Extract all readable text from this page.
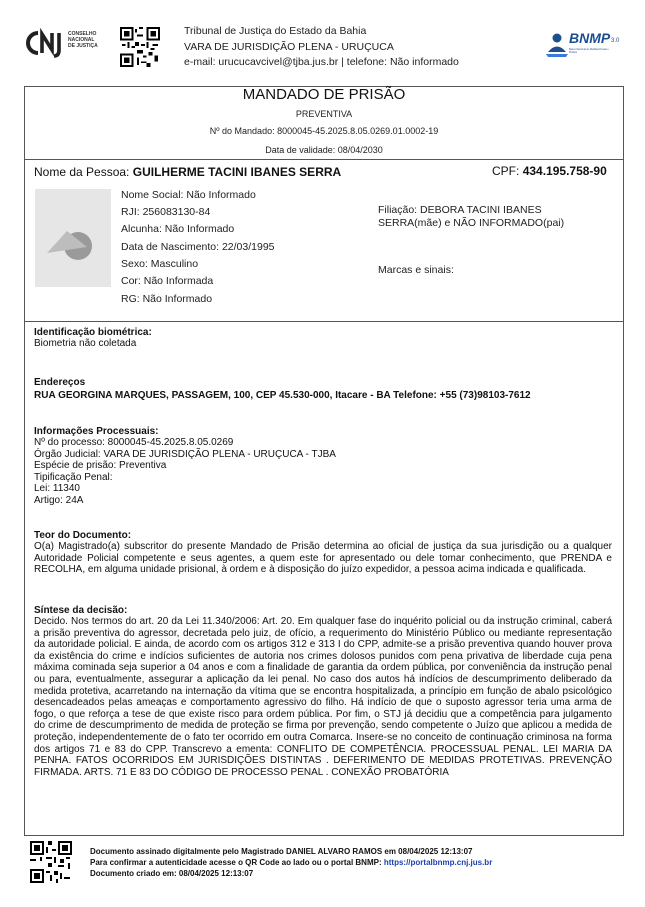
CONSELHO
NACIONAL
DE JUSTIÇA
Tribunal de Justiça do Estado da Bahia
VARA DE JURISDIÇÃO PLENA - URUÇUCA
e-mail: urucucavcivel@tjba.jus.br | telefone: Não informado
BNMP 3.0
Banco Nacional de Medidas Penais e Prisões
MANDADO DE PRISÃO
PREVENTIVA
Nº do Mandado: 8000045-45.2025.8.05.0269.01.0002-19
Data de validade: 08/04/2030
Nome da Pessoa: GUILHERME TACINI IBANES SERRA	CPF: 434.195.758-90
Nome Social: Não Informado
RJI: 256083130-84
Alcunha: Não Informado
Data de Nascimento: 22/03/1995
Sexo: Masculino
Cor: Não Informada
RG: Não Informado
Filiação: DEBORA TACINI IBANES
SERRA(mãe) e NÃO INFORMADO(pai)
Marcas e sinais:
Identificação biométrica:
Biometria não coletada
Endereços
RUA GEORGINA MARQUES, PASSAGEM, 100, CEP 45.530-000, Itacare - BA Telefone: +55 (73)98103-7612
Informações Processuais:
Nº do processo: 8000045-45.2025.8.05.0269
Órgão Judicial: VARA DE JURISDIÇÃO PLENA - URUÇUCA - TJBA
Espécie de prisão: Preventiva
Tipificação Penal:
Lei: 11340
Artigo: 24A
Teor do Documento:
O(a) Magistrado(a) subscritor do presente Mandado de Prisão determina ao oficial de justiça da sua jurisdição ou a qualquer Autoridade Policial competente e seus agentes, a quem este for apresentado ou dele tomar conhecimento, que PRENDA e RECOLHA, em alguma unidade prisional, à ordem e à disposição do juízo expedidor, a pessoa acima indicada e qualificada.
Síntese da decisão:
Decido. Nos termos do art. 20 da Lei 11.340/2006: Art. 20. Em qualquer fase do inquérito policial ou da instrução criminal, caberá a prisão preventiva do agressor, decretada pelo juiz, de ofício, a requerimento do Ministério Público ou mediante representação da autoridade policial. E ainda, de acordo com os artigos 312 e 313 I do CPP, admite-se a prisão preventiva quando houver prova da existência do crime e indícios suficientes de autoria nos crimes dolosos punidos com pena privativa de liberdade cuja pena máxima cominada seja superior a 04 anos e com a finalidade de garantia da ordem pública, por conveniência da instrução penal ou para, eventualmente, assegurar a aplicação da lei penal. No caso dos autos há indícios de descumprimento deliberado da medida protetiva, acarretando na internação da vítima que se encontra hospitalizada, a princípio em função de abalo psicológico desencadeados pelas ameaças e comportamento agressivo do filho. Há indício de que o suposto agressor teria uma arma de fogo, o que reforça a tese de que existe risco para ordem pública. Por fim, o STJ já decidiu que a competência para julgamento do crime de descumprimento de medida de proteção se firma por prevenção, sendo competente o Juízo que aplicou a medida de proteção, independentemente de o fato ter ocorrido em outra Comarca. Insere-se no conceito de continuação criminosa na forma dos artigos 71 e 83 do CPP. Transcrevo a ementa: CONFLITO DE COMPETÊNCIA. PROCESSUAL PENAL. LEI MARIA DA PENHA. FATOS OCORRIDOS EM JURISDIÇÕES DISTINTAS . DEFERIMENTO DE MEDIDAS PROTETIVAS. PREVENÇÃO FIRMADA. ARTS. 71 E 83 DO CÓDIGO DE PROCESSO PENAL . CONEXÃO PROBATÓRIA
Documento assinado digitalmente pelo Magistrado DANIEL ALVARO RAMOS em 08/04/2025 12:13:07
Para confirmar a autenticidade acesse o QR Code ao lado ou o portal BNMP: https://portalbnmp.cnj.jus.br
Documento criado em: 08/04/2025 12:13:07
